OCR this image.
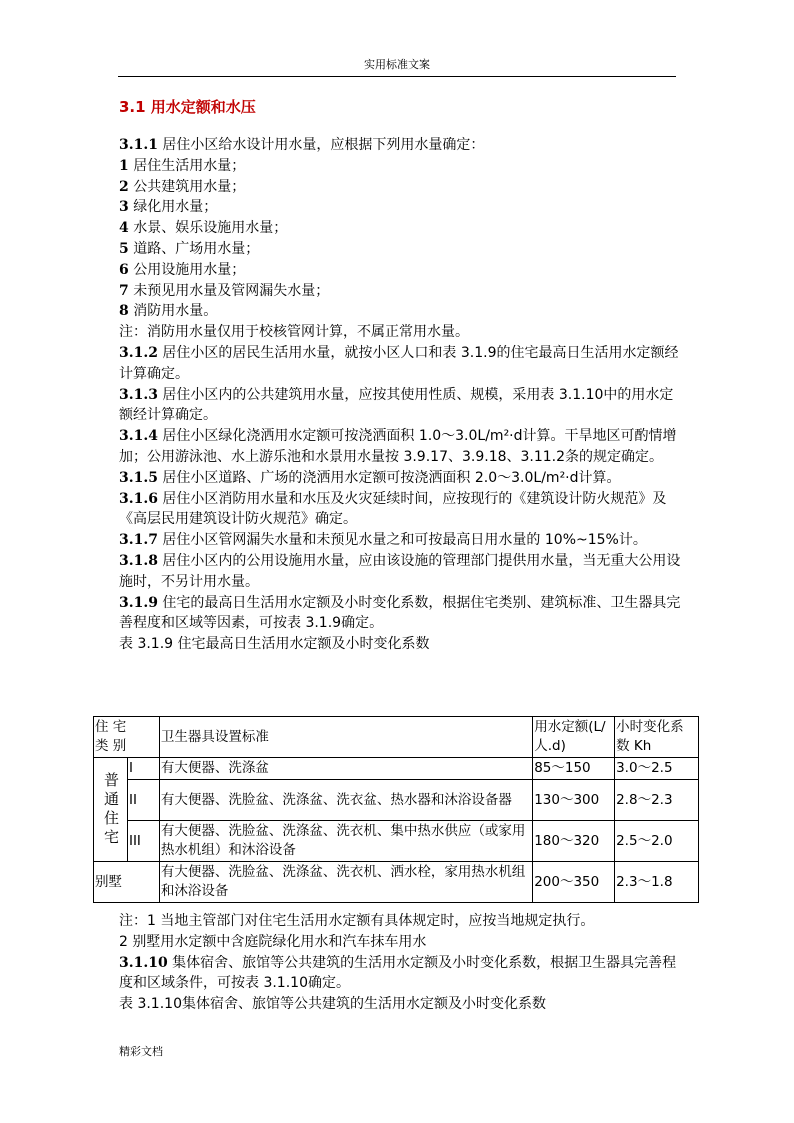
实用标准文案
3.1 用水定额和水压

3.1.1 居住小区给水设计用水量，应根据下列用水量确定：

1 居住生活用水量；

2 公共建筑用水量；

3 绿化用水量；

4 水景、娱乐设施用水量；

5 道路、广场用水量；

6 公用设施用水量；

7 未预见用水量及管网漏失水量；

8 消防用水量。

注：消防用水量仅用于校核管网计算，不属正常用水量。

3.1.2 居住小区的居民生活用水量，就按小区人口和表 3.1.9的住宅最高日生活用水定额经计算确定。

3.1.3 居住小区内的公共建筑用水量，应按其使用性质、规模，采用表 3.1.10中的用水定额经计算确定。

3.1.4 居住小区绿化浇洒用水定额可按浇洒面积 1.0～3.0L/m²·d计算。干旱地区可酌情增加；公用游泳池、水上游乐池和水景用水量按 3.9.17、3.9.18、3.11.2条的规定确定。

3.1.5 居住小区道路、广场的浇洒用水定额可按浇洒面积 2.0～3.0L/m²·d计算。

3.1.6 居住小区消防用水量和水压及火灾延续时间，应按现行的《建筑设计防火规范》及《高层民用建筑设计防火规范》确定。

3.1.7 居住小区管网漏失水量和未预见水量之和可按最高日用水量的 10%~15%计。

3.1.8 居住小区内的公用设施用水量，应由该设施的管理部门提供用水量，当无重大公用设施时，不另计用水量。

3.1.9 住宅的最高日生活用水定额及小时变化系数，根据住宅类别、建筑标准、卫生器具完善程度和区域等因素，可按表 3.1.9确定。

表 3.1.9 住宅最高日生活用水定额及小时变化系数

住 宅
类 别		卫生器具设置标准	用水定额(L/人.d)	小时变化系数 Kh
普通住宅	I	有大便器、洗涤盆	85～150	3.0～2.5
	II	有大便器、洗脸盆、洗涤盆、洗衣盆、热水器和沐浴设备器	130～300	2.8～2.3
	III	有大便器、洗脸盆、洗涤盆、洗衣机、集中热水供应（或家用热水机组）和沐浴设备	180～320	2.5～2.0
别墅		有大便器、洗脸盆、洗涤盆、洗衣机、洒水栓，家用热水机组和沐浴设备	200～350	2.3～1.8

注：1 当地主管部门对住宅生活用水定额有具体规定时，应按当地规定执行。

2 别墅用水定额中含庭院绿化用水和汽车抹车用水

3.1.10 集体宿舍、旅馆等公共建筑的生活用水定额及小时变化系数，根据卫生器具完善程度和区域条件，可按表 3.1.10确定。

表 3.1.10集体宿舍、旅馆等公共建筑的生活用水定额及小时变化系数

精彩文档
